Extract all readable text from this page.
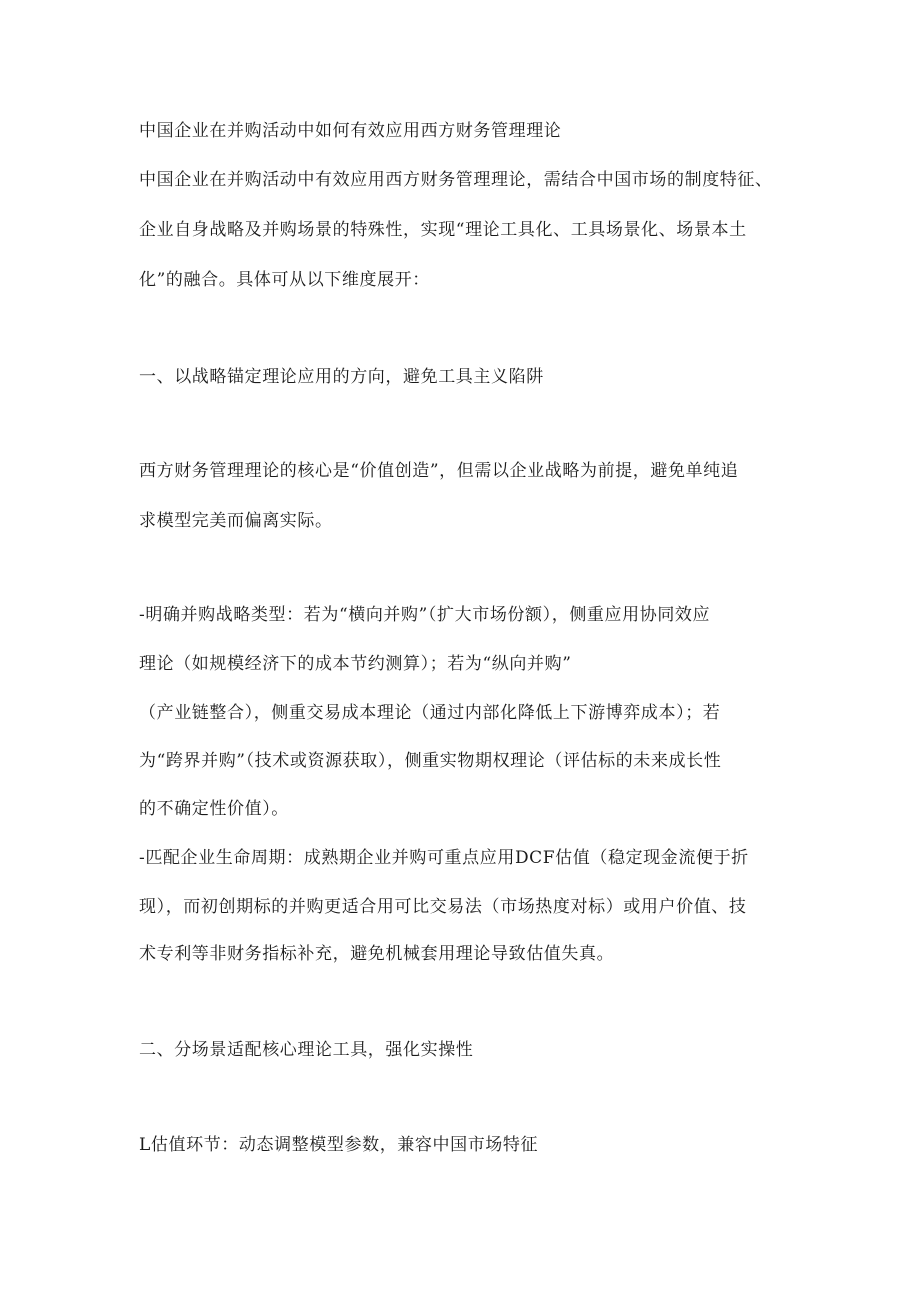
中国企业在并购活动中如何有效应用西方财务管理理论

中国企业在并购活动中有效应用西方财务管理理论，需结合中国市场的制度特征、

企业自身战略及并购场景的特殊性，实现“理论工具化、工具场景化、场景本土

化”的融合。具体可从以下维度展开：

一、以战略锚定理论应用的方向，避免工具主义陷阱

西方财务管理理论的核心是“价值创造”，但需以企业战略为前提，避免单纯追

求模型完美而偏离实际。

-明确并购战略类型：若为“横向并购”（扩大市场份额），侧重应用协同效应

理论（如规模经济下的成本节约测算）；若为“纵向并购”

（产业链整合），侧重交易成本理论（通过内部化降低上下游博弈成本）；若

为“跨界并购”（技术或资源获取），侧重实物期权理论（评估标的未来成长性

的不确定性价值）。

-匹配企业生命周期：成熟期企业并购可重点应用DCF估值（稳定现金流便于折

现），而初创期标的并购更适合用可比交易法（市场热度对标）或用户价值、技

术专利等非财务指标补充，避免机械套用理论导致估值失真。

二、分场景适配核心理论工具，强化实操性

L估值环节：动态调整模型参数，兼容中国市场特征
